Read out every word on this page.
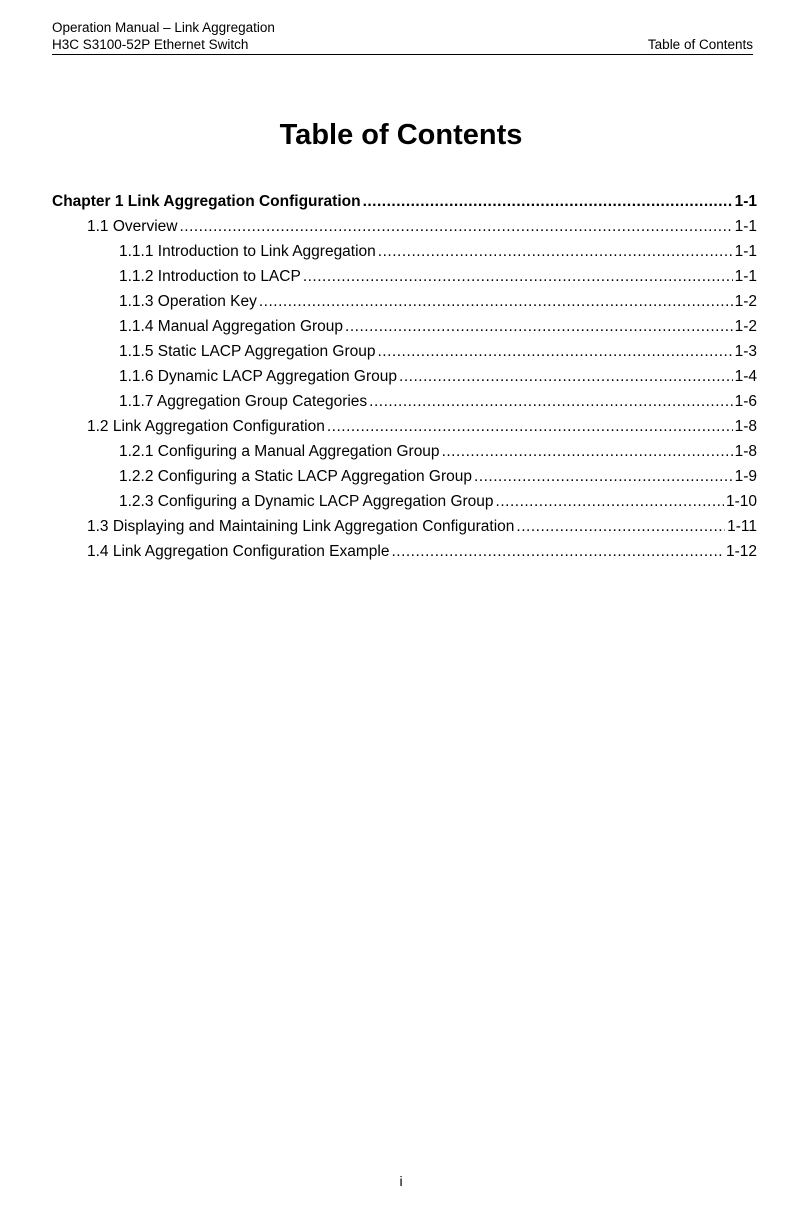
Operation Manual – Link Aggregation
H3C S3100-52P Ethernet Switch	Table of Contents
Table of Contents
Chapter 1 Link Aggregation Configuration .....	1-1
1.1 Overview .....	1-1
1.1.1 Introduction to Link Aggregation .....	1-1
1.1.2 Introduction to LACP .....	1-1
1.1.3 Operation Key .....	1-2
1.1.4 Manual Aggregation Group .....	1-2
1.1.5 Static LACP Aggregation Group .....	1-3
1.1.6 Dynamic LACP Aggregation Group .....	1-4
1.1.7 Aggregation Group Categories .....	1-6
1.2 Link Aggregation Configuration .....	1-8
1.2.1 Configuring a Manual Aggregation Group .....	1-8
1.2.2 Configuring a Static LACP Aggregation Group .....	1-9
1.2.3 Configuring a Dynamic LACP Aggregation Group .....	1-10
1.3 Displaying and Maintaining Link Aggregation Configuration .....	1-11
1.4 Link Aggregation Configuration Example .....	1-12
i
